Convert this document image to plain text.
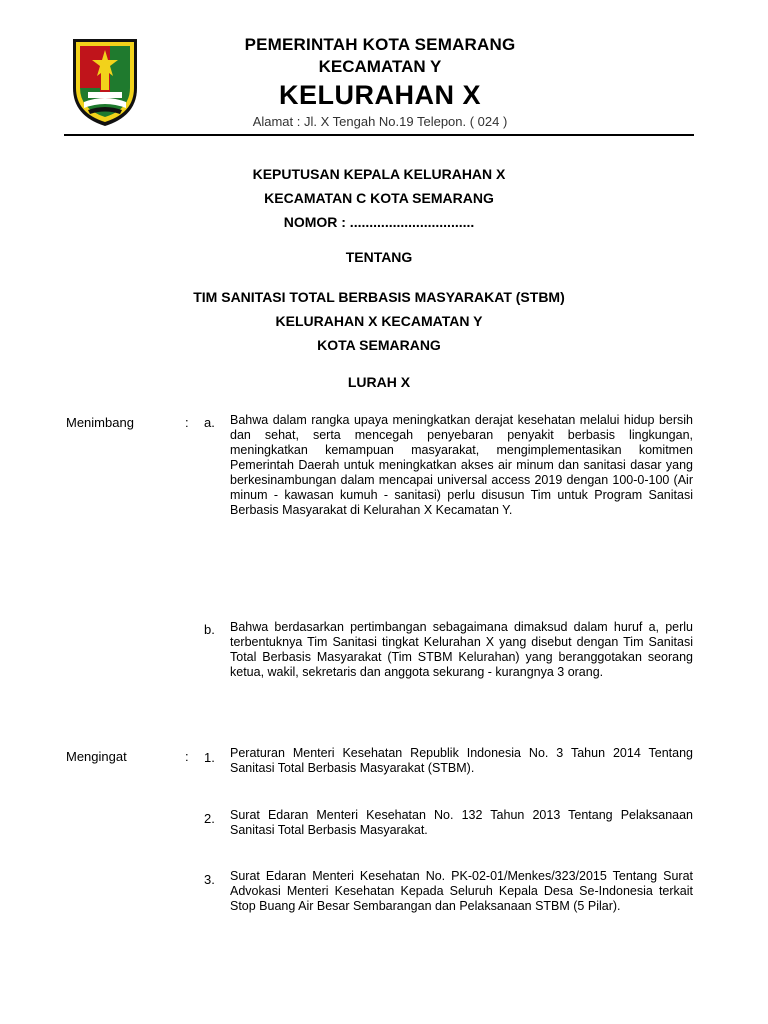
PEMERINTAH KOTA SEMARANG
KECAMATAN Y
KELURAHAN X
Alamat : Jl. X Tengah No.19 Telepon. ( 024 )
KEPUTUSAN KEPALA KELURAHAN X
KECAMATAN C KOTA SEMARANG
NOMOR : ................................
TENTANG
TIM SANITASI TOTAL BERBASIS MASYARAKAT (STBM)
KELURAHAN X KECAMATAN Y
KOTA SEMARANG
LURAH X
Menimbang	: a. Bahwa dalam rangka upaya meningkatkan derajat kesehatan melalui hidup bersih dan sehat, serta mencegah penyebaran penyakit berbasis lingkungan, meningkatkan kemampuan masyarakat, mengimplementasikan komitmen Pemerintah Daerah untuk meningkatkan akses air minum dan sanitasi dasar yang berkesinambungan dalam mencapai universal access 2019 dengan 100-0-100 (Air minum - kawasan kumuh - sanitasi) perlu disusun Tim untuk Program Sanitasi Berbasis Masyarakat di Kelurahan X Kecamatan Y.
b. Bahwa berdasarkan pertimbangan sebagaimana dimaksud dalam huruf a, perlu terbentuknya Tim Sanitasi tingkat Kelurahan X yang disebut dengan Tim Sanitasi Total Berbasis Masyarakat (Tim STBM Kelurahan) yang beranggotakan seorang ketua, wakil, sekretaris dan anggota sekurang - kurangnya 3 orang.
Mengingat	: 1. Peraturan Menteri Kesehatan Republik Indonesia No. 3 Tahun 2014 Tentang Sanitasi Total Berbasis Masyarakat (STBM).
2. Surat Edaran Menteri Kesehatan No. 132 Tahun 2013 Tentang Pelaksanaan Sanitasi Total Berbasis Masyarakat.
3. Surat Edaran Menteri Kesehatan No. PK-02-01/Menkes/323/2015 Tentang Surat Advokasi Menteri Kesehatan Kepada Seluruh Kepala Desa Se-Indonesia terkait Stop Buang Air Besar Sembarangan dan Pelaksanaan STBM (5 Pilar).
